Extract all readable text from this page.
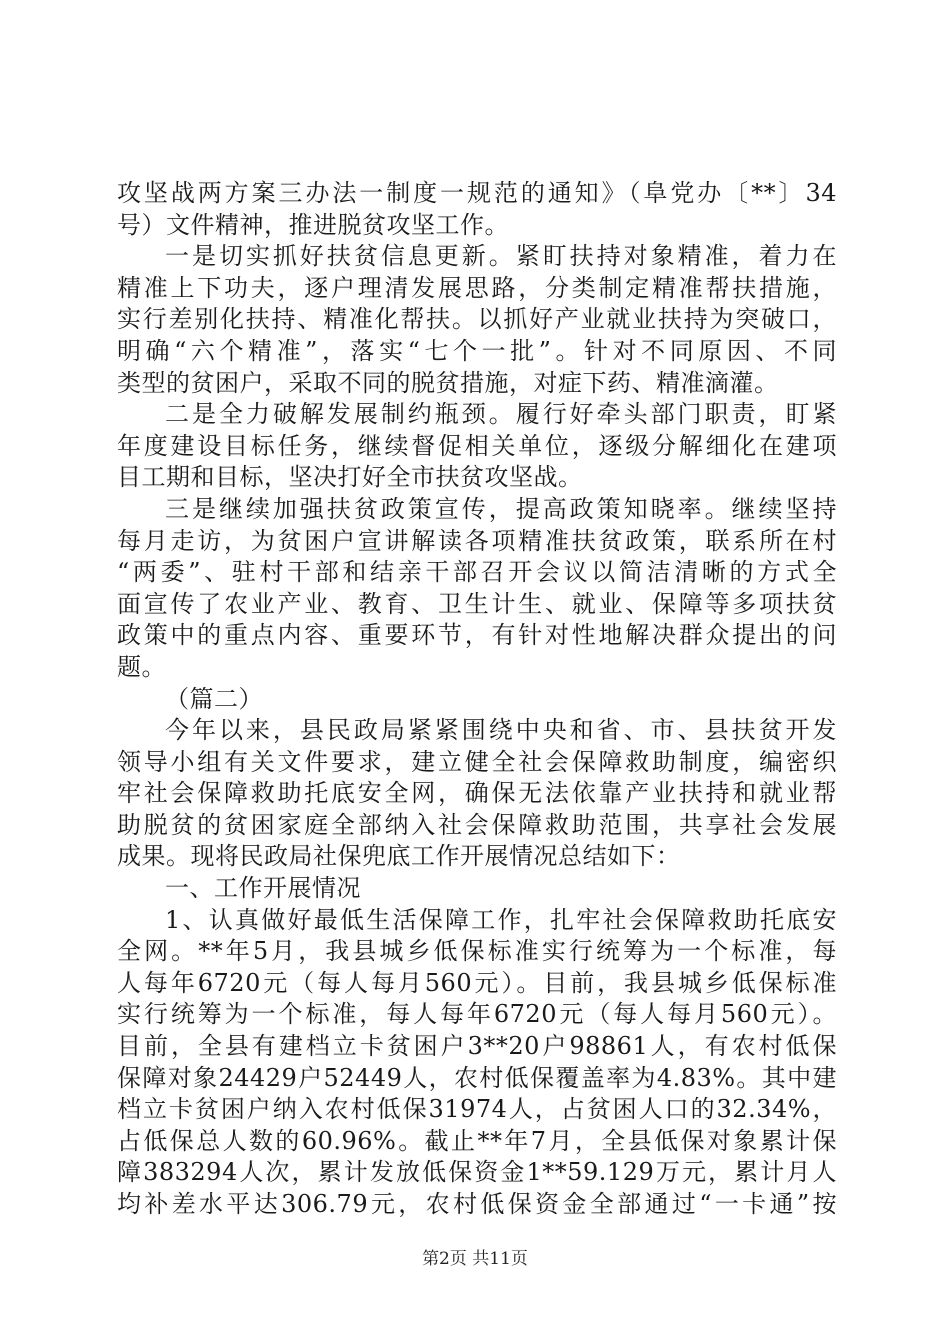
攻坚战两方案三办法一制度一规范的通知》（阜党办〔**〕34
号）文件精神，推进脱贫攻坚工作。
一是切实抓好扶贫信息更新。紧盯扶持对象精准，着力在
精准上下功夫，逐户理清发展思路，分类制定精准帮扶措施，
实行差别化扶持、精准化帮扶。以抓好产业就业扶持为突破口，
明确“六个精准”，落实“七个一批”。针对不同原因、不同
类型的贫困户，采取不同的脱贫措施，对症下药、精准滴灌。
二是全力破解发展制约瓶颈。履行好牵头部门职责，盯紧
年度建设目标任务，继续督促相关单位，逐级分解细化在建项
目工期和目标，坚决打好全市扶贫攻坚战。
三是继续加强扶贫政策宣传，提高政策知晓率。继续坚持
每月走访，为贫困户宣讲解读各项精准扶贫政策，联系所在村
“两委”、驻村干部和结亲干部召开会议以简洁清晰的方式全
面宣传了农业产业、教育、卫生计生、就业、保障等多项扶贫
政策中的重点内容、重要环节，有针对性地解决群众提出的问
题。
（篇二）
今年以来，县民政局紧紧围绕中央和省、市、县扶贫开发
领导小组有关文件要求，建立健全社会保障救助制度，编密织
牢社会保障救助托底安全网，确保无法依靠产业扶持和就业帮
助脱贫的贫困家庭全部纳入社会保障救助范围，共享社会发展
成果。现将民政局社保兜底工作开展情况总结如下：
一、工作开展情况
1、认真做好最低生活保障工作，扎牢社会保障救助托底安
全网。**年5月，我县城乡低保标准实行统筹为一个标准，每
人每年6720元（每人每月560元）。目前，我县城乡低保标准
实行统筹为一个标准，每人每年6720元（每人每月560元）。
目前，全县有建档立卡贫困户3**20户98861人，有农村低保
保障对象24429户52449人，农村低保覆盖率为4.83%。其中建
档立卡贫困户纳入农村低保31974人，占贫困人口的32.34%，
占低保总人数的60.96%。截止**年7月，全县低保对象累计保
障383294人次，累计发放低保资金1**59.129万元，累计月人
均补差水平达306.79元，农村低保资金全部通过“一卡通”按
第2页 共11页
